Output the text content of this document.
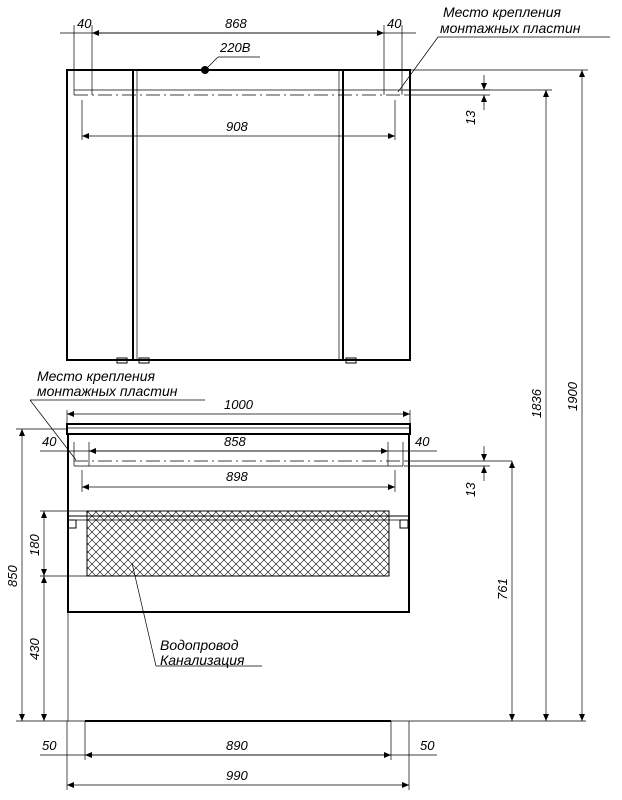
220В
40	868	40
908
Место крепления
монтажных пластин
13
Место крепления
монтажных пластин
1000
40	858	40
898
13
850
180
430
761
Водопровод
Канализация
50	890	50
990
1836 1900
